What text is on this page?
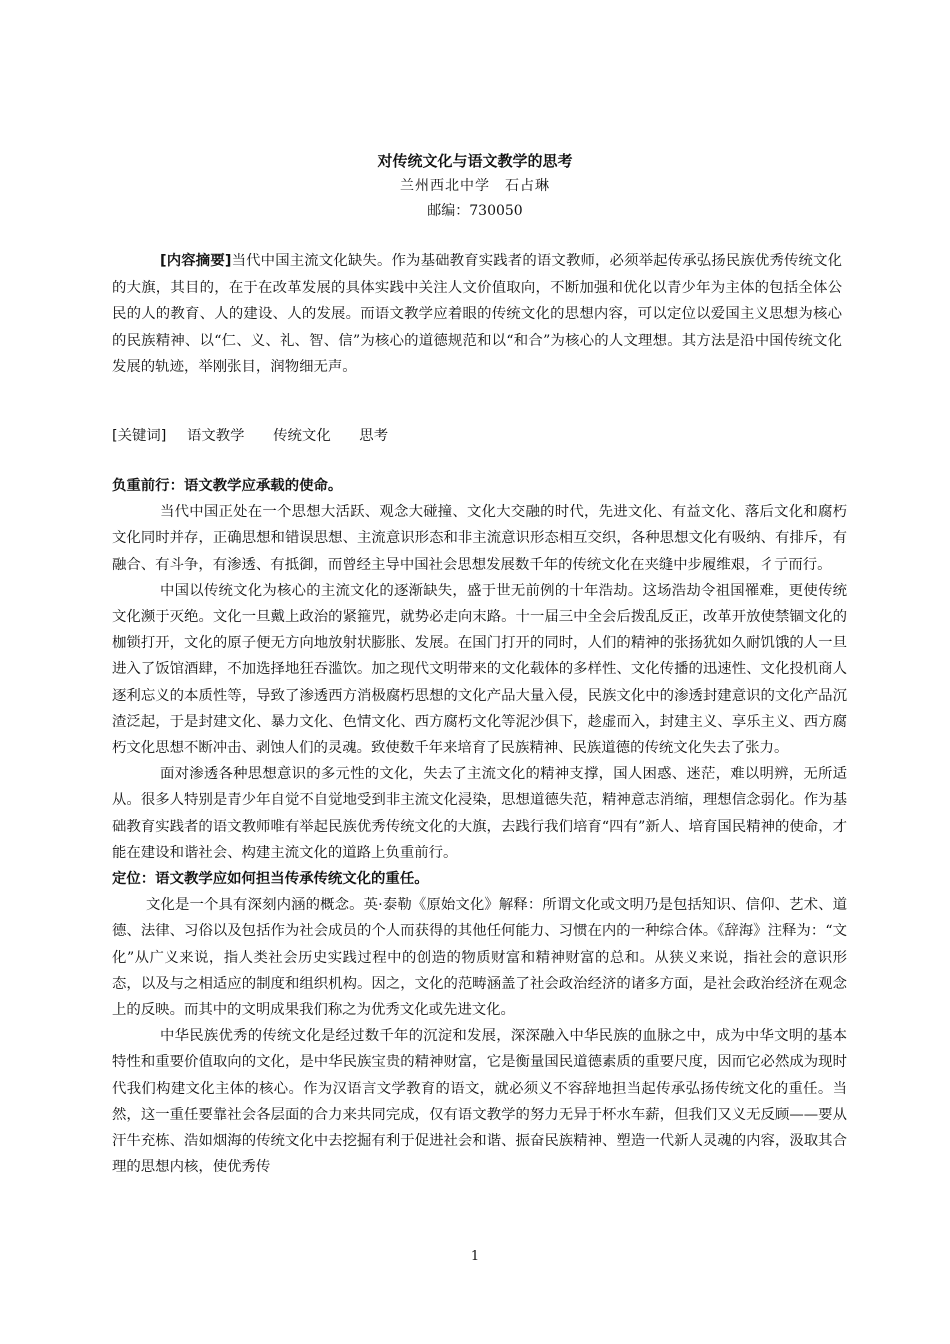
对传统文化与语文教学的思考
兰州西北中学　石占琳
邮编：730050

[内容摘要]当代中国主流文化缺失。作为基础教育实践者的语文教师，必须举起传承弘扬民族优秀传统文化的大旗，其目的，在于在改革发展的具体实践中关注人文价值取向，不断加强和优化以青少年为主体的包括全体公民的人的教育、人的建设、人的发展。而语文教学应着眼的传统文化的思想内容，可以定位以爱国主义思想为核心的民族精神、以“仁、义、礼、智、信”为核心的道德规范和以“和合”为核心的人文理想。其方法是沿中国传统文化发展的轨迹，举刚张目，润物细无声。

[关键词] 语文教学 传统文化 思考

负重前行：语文教学应承载的使命。

当代中国正处在一个思想大活跃、观念大碰撞、文化大交融的时代，先进文化、有益文化、落后文化和腐朽文化同时并存，正确思想和错误思想、主流意识形态和非主流意识形态相互交织，各种思想文化有吸纳、有排斥，有融合、有斗争，有渗透、有抵御，而曾经主导中国社会思想发展数千年的传统文化在夹缝中步履维艰，彳亍而行。

中国以传统文化为核心的主流文化的逐渐缺失，盛于世无前例的十年浩劫。这场浩劫令祖国罹难，更使传统文化濒于灭绝。文化一旦戴上政治的紧箍咒，就势必走向末路。十一届三中全会后拨乱反正，改革开放使禁锢文化的枷锁打开，文化的原子便无方向地放射状膨胀、发展。在国门打开的同时，人们的精神的张扬犹如久耐饥饿的人一旦进入了饭馆酒肆，不加选择地狂吞滥饮。加之现代文明带来的文化载体的多样性、文化传播的迅速性、文化投机商人逐利忘义的本质性等，导致了渗透西方消极腐朽思想的文化产品大量入侵，民族文化中的渗透封建意识的文化产品沉渣泛起，于是封建文化、暴力文化、色情文化、西方腐朽文化等泥沙俱下，趁虚而入，封建主义、享乐主义、西方腐朽文化思想不断冲击、剥蚀人们的灵魂。致使数千年来培育了民族精神、民族道德的传统文化失去了张力。

面对渗透各种思想意识的多元性的文化，失去了主流文化的精神支撑，国人困惑、迷茫，难以明辨，无所适从。很多人特别是青少年自觉不自觉地受到非主流文化浸染，思想道德失范，精神意志消缩，理想信念弱化。作为基础教育实践者的语文教师唯有举起民族优秀传统文化的大旗，去践行我们培育“四有”新人、培育国民精神的使命，才能在建设和谐社会、构建主流文化的道路上负重前行。

定位：语文教学应如何担当传承传统文化的重任。

文化是一个具有深刻内涵的概念。英·泰勒《原始文化》解释：所谓文化或文明乃是包括知识、信仰、艺术、道德、法律、习俗以及包括作为社会成员的个人而获得的其他任何能力、习惯在内的一种综合体。《辞海》注释为：“文化”从广义来说，指人类社会历史实践过程中的创造的物质财富和精神财富的总和。从狭义来说，指社会的意识形态，以及与之相适应的制度和组织机构。因之，文化的范畴涵盖了社会政治经济的诸多方面，是社会政治经济在观念上的反映。而其中的文明成果我们称之为优秀文化或先进文化。

中华民族优秀的传统文化是经过数千年的沉淀和发展，深深融入中华民族的血脉之中，成为中华文明的基本特性和重要价值取向的文化，是中华民族宝贵的精神财富，它是衡量国民道德素质的重要尺度，因而它必然成为现时代我们构建文化主体的核心。作为汉语言文学教育的语文，就必须义不容辞地担当起传承弘扬传统文化的重任。当然，这一重任要靠社会各层面的合力来共同完成，仅有语文教学的努力无异于杯水车薪，但我们又义无反顾——要从汗牛充栋、浩如烟海的传统文化中去挖掘有利于促进社会和谐、振奋民族精神、塑造一代新人灵魂的内容，汲取其合理的思想内核，使优秀传

1
